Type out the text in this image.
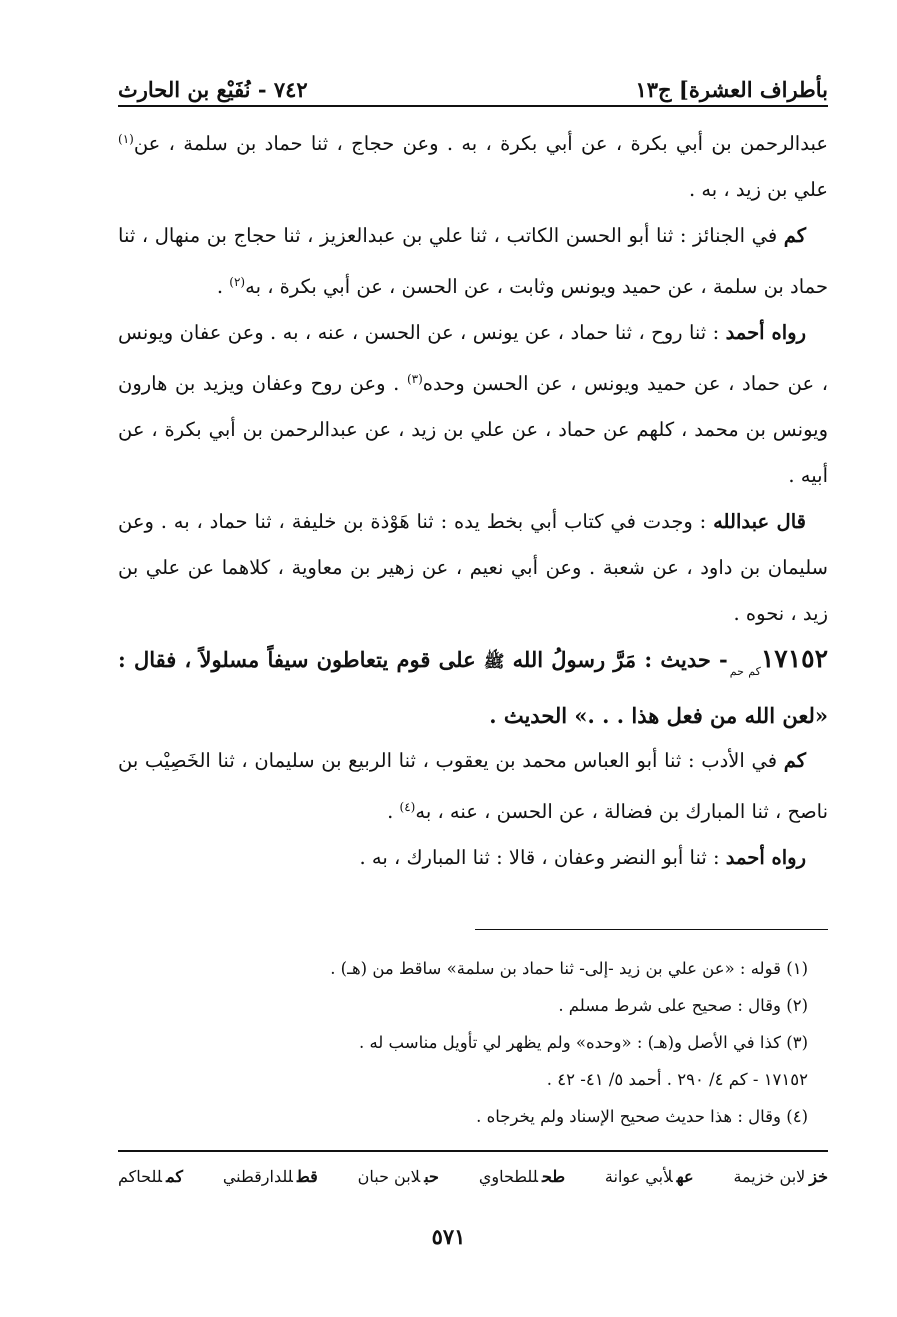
بأطراف العشرة] ج١٣
٧٤٢ - نُفَيْع بن الحارث

عبدالرحمن بن أبي بكرة ، عن أبي بكرة ، به . وعن حجاج ، ثنا حماد بن سلمة ، عن$^{(١)}$ علي بن زيد ، به .

كم في الجنائز : ثنا أبو الحسن الكاتب ، ثنا علي بن عبدالعزيز ، ثنا حجاج بن منهال ، ثنا حماد بن سلمة ، عن حميد ويونس وثابت ، عن الحسن ، عن أبي بكرة ، به$^{(٢)}$ .

رواه أحمد : ثنا روح ، ثنا حماد ، عن يونس ، عن الحسن ، عنه ، به . وعن عفان ويونس ، عن حماد ، عن حميد ويونس ، عن الحسن وحده$^{(٣)}$ . وعن روح وعفان ويزيد بن هارون ويونس بن محمد ، كلهم عن حماد ، عن علي بن زيد ، عن عبدالرحمن بن أبي بكرة ، عن أبيه .

قال عبدالله : وجدت في كتاب أبي بخط يده : ثنا هَوْذة بن خليفة ، ثنا حماد ، به . وعن سليمان بن داود ، عن شعبة . وعن أبي نعيم ، عن زهير بن معاوية ، كلاهما عن علي بن زيد ، نحوه .

$١٧١٥٢_{كم حم}-$ حديث : مَرَّ رسولُ الله ﷺ على قوم يتعاطون سيفاً مسلولاً ، فقال : «لعن الله من فعل هذا . . .» الحديث .

كم في الأدب : ثنا أبو العباس محمد بن يعقوب ، ثنا الربيع بن سليمان ، ثنا الخَصِيْب بن ناصح ، ثنا المبارك بن فضالة ، عن الحسن ، عنه ، به$^{(٤)}$ .

رواه أحمد : ثنا أبو النضر وعفان ، قالا : ثنا المبارك ، به .

(١) قوله : «عن علي بن زيد -إلى- ثنا حماد بن سلمة» ساقط من (هـ) .
(٢) وقال : صحيح على شرط مسلم .
(٣) كذا في الأصل و(هـ) : «وحده» ولم يظهر لي تأويل مناسب له .
١٧١٥٢ - كم ٤/ ٢٩٠ . أحمد ٥/ ٤١- ٤٢ .
(٤) وقال : هذا حديث صحيح الإسناد ولم يخرجاه .
خزلابن خزيمة
عهلأبي عوانة
طحللطحاوي
حبلابن حبان
قطللدارقطني
كمللحاكم
٥٧١
